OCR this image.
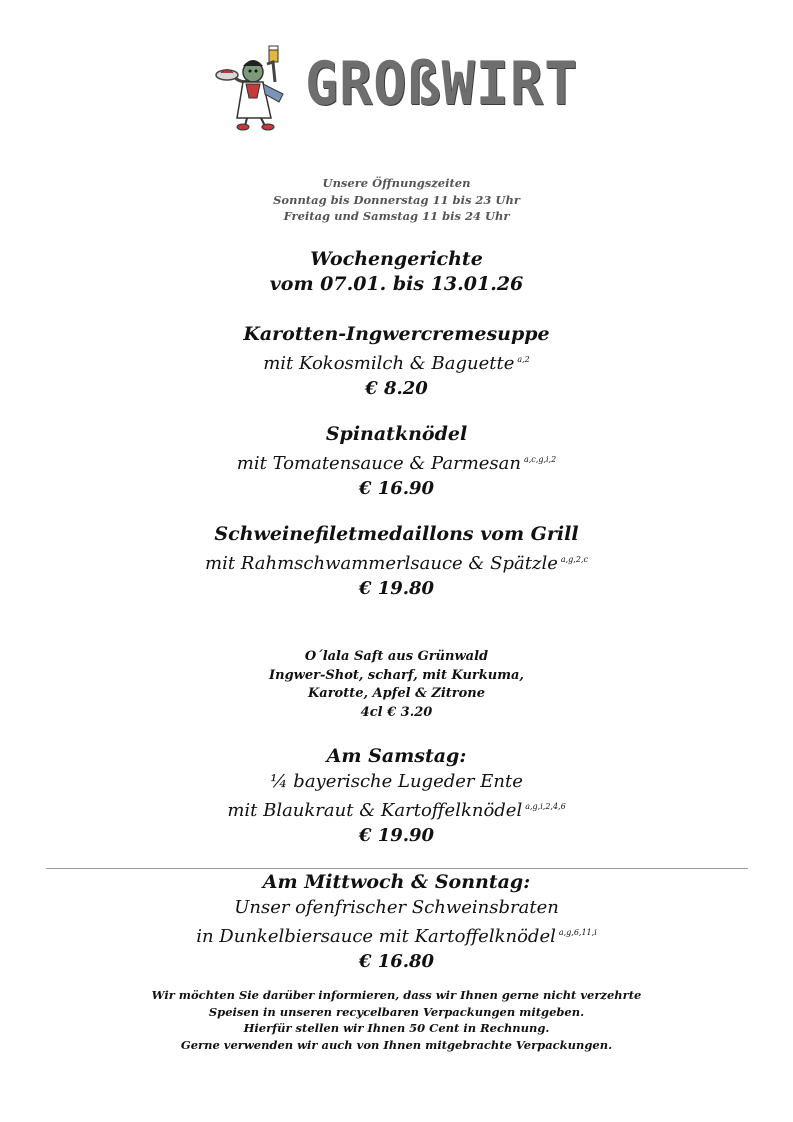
GROßWIRT
Unsere Öffnungszeiten
Sonntag bis Donnerstag 11 bis 23 Uhr
Freitag und Samstag 11 bis 24 Uhr
Wochengerichte
vom 07.01. bis 13.01.26
Karotten-Ingwercremesuppe
mit Kokosmilch & Baguette $^{a,2}$
€ 8.20
Spinatknödel
mit Tomatensauce & Parmesan $^{a,c,g,i,2}$
€ 16.90
Schweinefiletmedaillons vom Grill
mit Rahmschwammerlsauce & Spätzle $^{a,g,2,c}$
€ 19.80
O´lala Saft aus Grünwald
Ingwer-Shot, scharf, mit Kurkuma,
Karotte, Apfel & Zitrone
4cl € 3.20
Am Samstag:
¼ bayerische Lugeder Ente
mit Blaukraut & Kartoffelknödel $^{a,g,i,2,4,6}$
€ 19.90
Am Mittwoch & Sonntag:
Unser ofenfrischer Schweinsbraten
in Dunkelbiersauce mit Kartoffelknödel $^{a,g,6,11,i}$
€ 16.80
Wir möchten Sie darüber informieren, dass wir Ihnen gerne nicht verzehrte
Speisen in unseren recycelbaren Verpackungen mitgeben.
Hierfür stellen wir Ihnen 50 Cent in Rechnung.
Gerne verwenden wir auch von Ihnen mitgebrachte Verpackungen.
